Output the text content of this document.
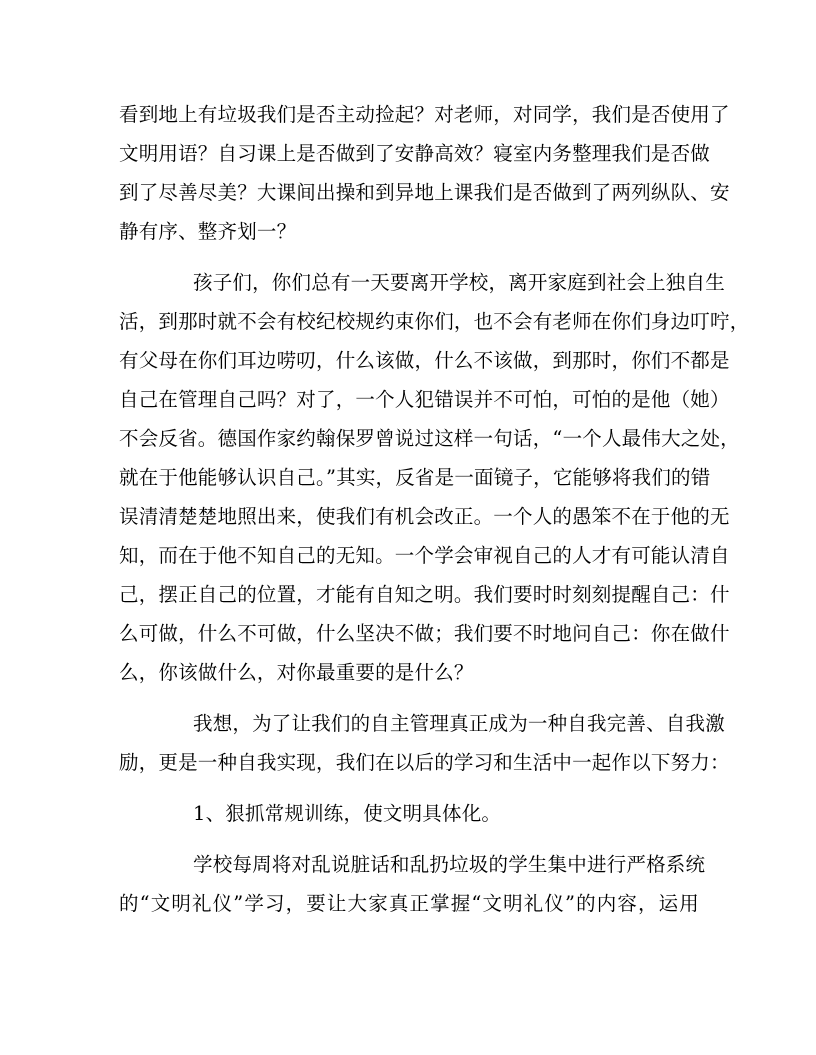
看到地上有垃圾我们是否主动捡起？对老师，对同学，我们是否使用了
文明用语？自习课上是否做到了安静高效？寝室内务整理我们是否做
到了尽善尽美？大课间出操和到异地上课我们是否做到了两列纵队、安
静有序、整齐划一？
孩子们，你们总有一天要离开学校，离开家庭到社会上独自生
活，到那时就不会有校纪校规约束你们，也不会有老师在你们身边叮咛，
有父母在你们耳边唠叨，什么该做，什么不该做，到那时，你们不都是
自己在管理自己吗？对了，一个人犯错误并不可怕，可怕的是他（她）
不会反省。德国作家约翰保罗曾说过这样一句话，“一个人最伟大之处，
就在于他能够认识自己。”其实，反省是一面镜子，它能够将我们的错
误清清楚楚地照出来，使我们有机会改正。一个人的愚笨不在于他的无
知，而在于他不知自己的无知。一个学会审视自己的人才有可能认清自
己，摆正自己的位置，才能有自知之明。我们要时时刻刻提醒自己：什
么可做，什么不可做，什么坚决不做；我们要不时地问自己：你在做什
么，你该做什么，对你最重要的是什么？
我想，为了让我们的自主管理真正成为一种自我完善、自我激
励，更是一种自我实现，我们在以后的学习和生活中一起作以下努力：
1、狠抓常规训练，使文明具体化。
学校每周将对乱说脏话和乱扔垃圾的学生集中进行严格系统
的“文明礼仪”学习，要让大家真正掌握“文明礼仪”的内容，运用
